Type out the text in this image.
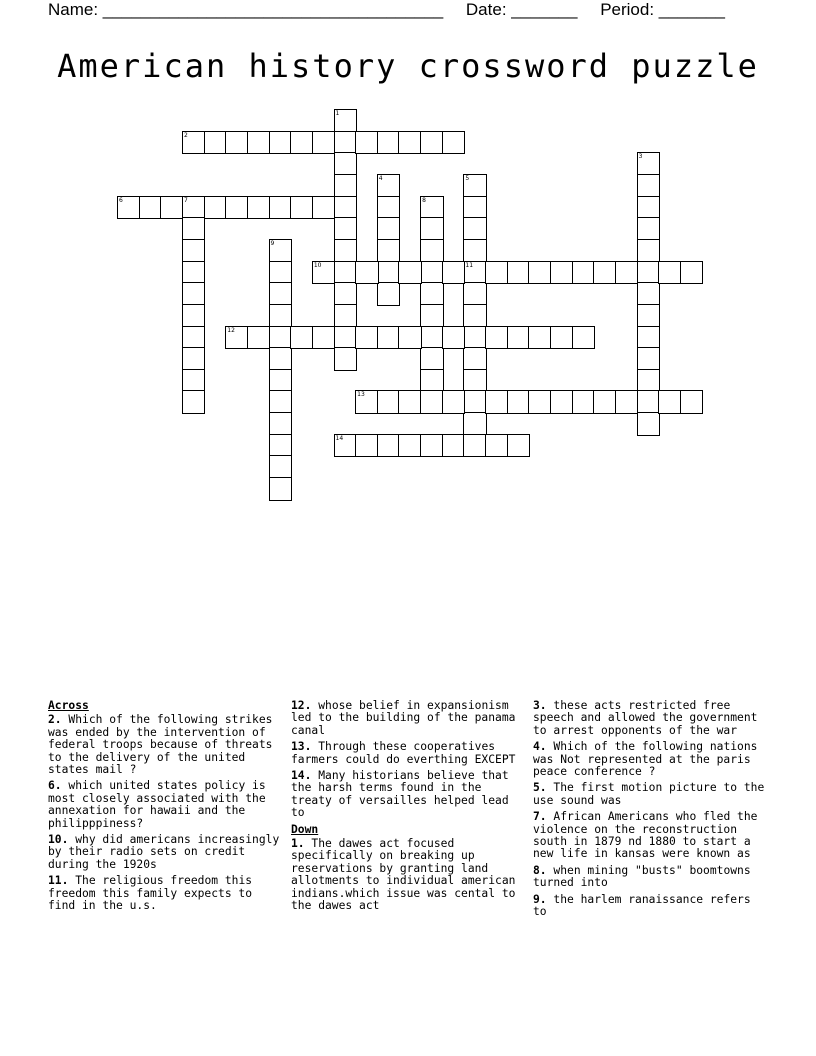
Name: ____________________________________ Date: _______ Period: _______
American history crossword puzzle
1
2
3
4	5
11
6	7	8
9
10
12
13
14
Across
2. Which of the following strikes was ended by the intervention of federal troops because of threats to the delivery of the united states mail ?
6. which united states policy is most closely associated with the annexation for hawaii and the philipppiness?
10. why did americans increasingly by their radio sets on credit during the 1920s
11. The religious freedom this freedom this family expects to find in the u.s.
12. whose belief in expansionism led to the building of the panama canal
13. Through these cooperatives farmers could do everthing EXCEPT
14. Many historians believe that the harsh terms found in the treaty of versailles helped lead to
Down
1. The dawes act focused specifically on breaking up reservations by granting land allotments to individual american indians.which issue was cental to the dawes act
3. these acts restricted free speech and allowed the government to arrest opponents of the war
4. Which of the following nations was Not represented at the paris peace conference ?
5. The first motion picture to the use sound was
7. African Americans who fled the violence on the reconstruction south in 1879 nd 1880 to start a new life in kansas were known as
8. when mining "busts" boomtowns turned into
9. the harlem ranaissance refers to
